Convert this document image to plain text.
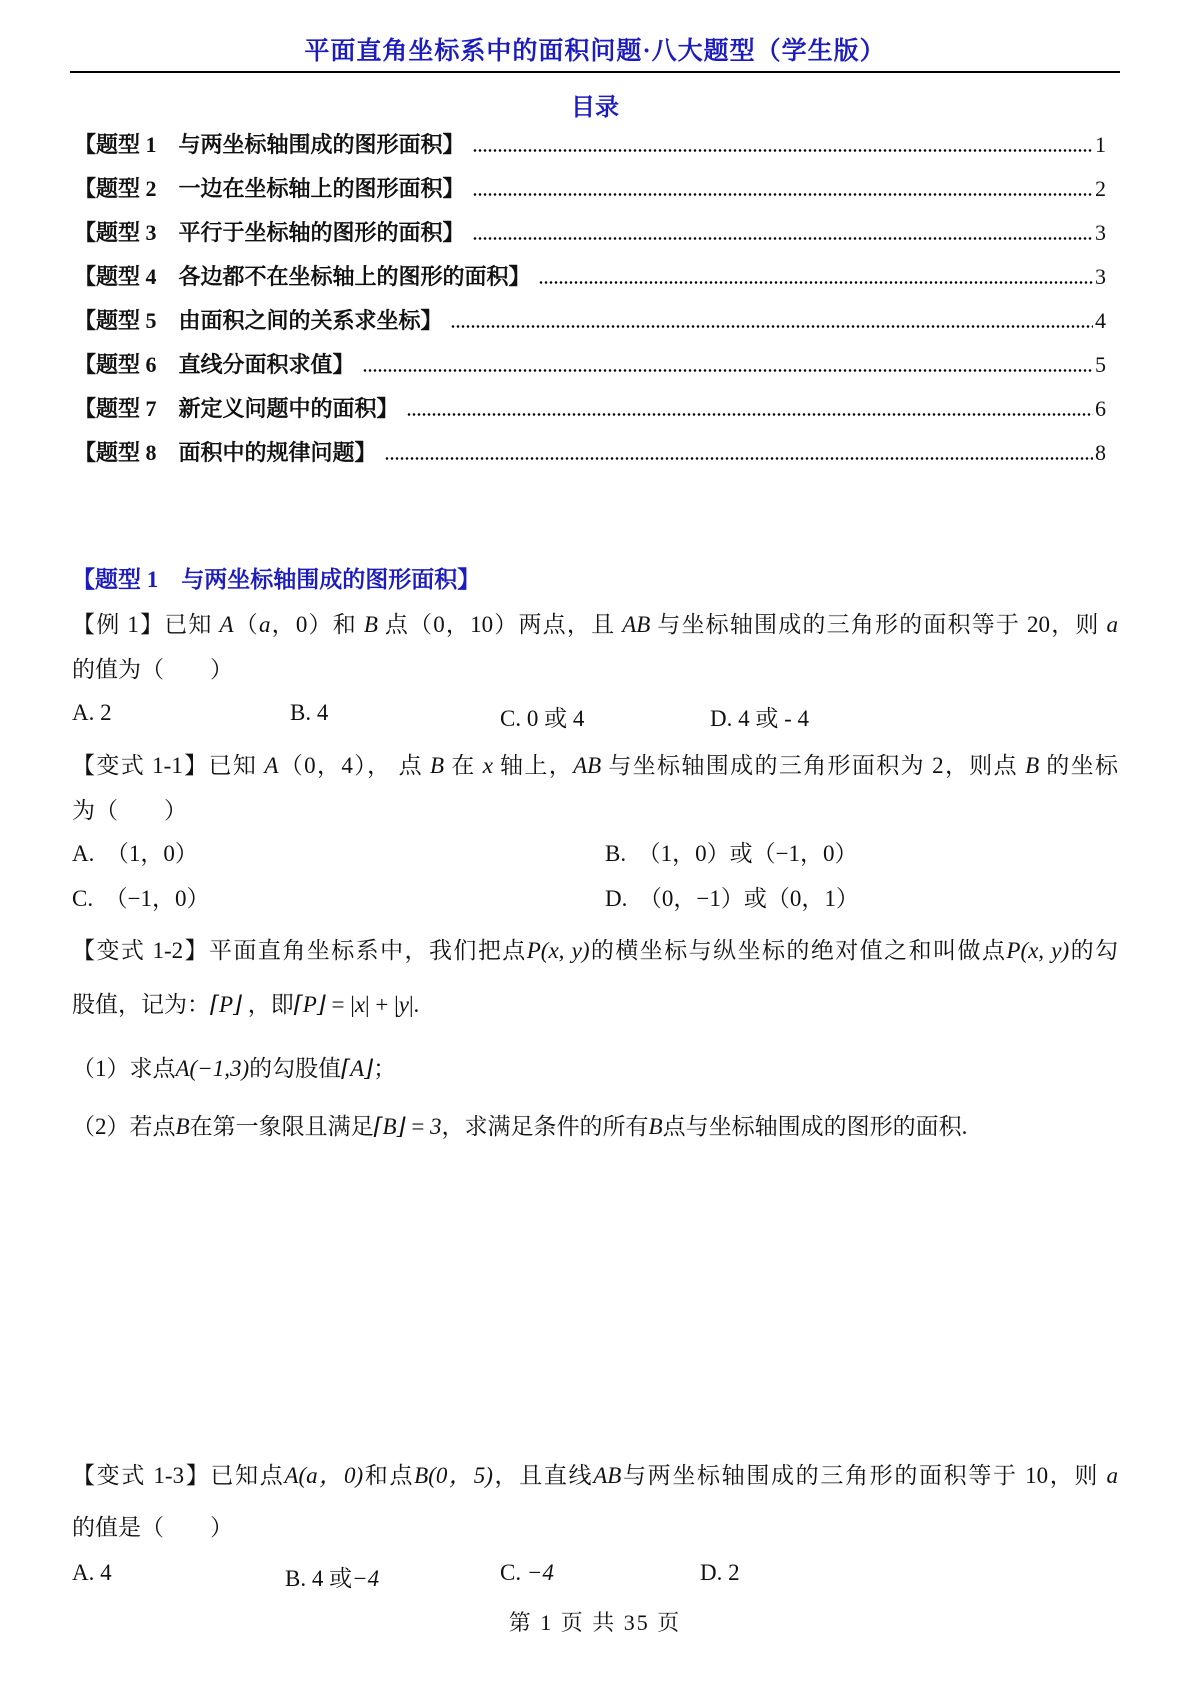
平面直角坐标系中的面积问题·八大题型（学生版）
目录
【题型 1　与两坐标轴围成的图形面积】	1
【题型 2　一边在坐标轴上的图形面积】	2
【题型 3　平行于坐标轴的图形的面积】	3
【题型 4　各边都不在坐标轴上的图形的面积】	3
【题型 5　由面积之间的关系求坐标】	4
【题型 6　直线分面积求值】	5
【题型 7　新定义问题中的面积】	6
【题型 8　面积中的规律问题】	8
【题型 1　与两坐标轴围成的图形面积】
【例 1】已知 A（a，0）和 B 点（0，10）两点，且 AB 与坐标轴围成的三角形的面积等于 20，则 a
的值为（　　）
A. 2	B. 4	C. 0 或 4	D. 4 或 - 4
【变式 1-1】已知 A（0，4）， 点 B 在 x 轴上，AB 与坐标轴围成的三角形面积为 2，则点 B 的坐标
为（　　）
A.　（1，0）	B.　（1，0）或（−1，0）
C.　（−1，0）	D.　（0，−1）或（0，1）
【变式 1-2】平面直角坐标系中，我们把点P(x, y)的横坐标与纵坐标的绝对值之和叫做点P(x, y)的勾
股值，记为：⌈P⌋ ，即⌈P⌋ = |x| + |y|.
（1）求点A(−1,3)的勾股值⌈A⌋；
（2）若点B在第一象限且满足⌈B⌋ = 3，求满足条件的所有B点与坐标轴围成的图形的面积.
【变式 1-3】已知点A(a，0)和点B(0，5)，且直线AB与两坐标轴围成的三角形的面积等于 10，则 a
的值是（　　）
A. 4	B. 4 或−4	C. −4	D. 2
第 1 页 共 35 页
